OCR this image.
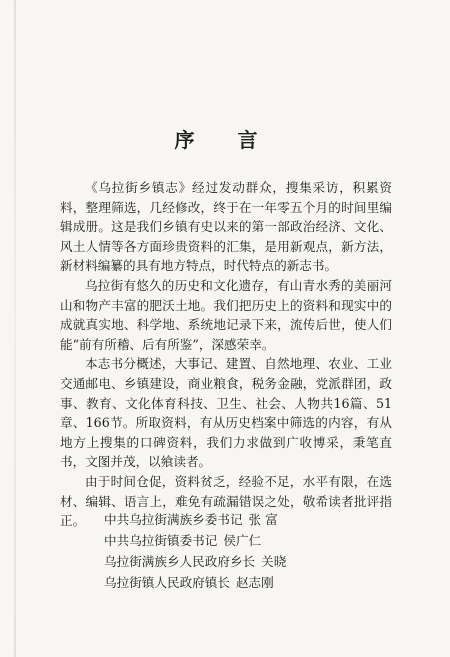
序 言

《乌拉街乡镇志》经过发动群众，搜集采访，积累资料，整理筛选，几经修改，终于在一年零五个月的时间里编辑成册。这是我们乡镇有史以来的第一部政治经济、文化、风土人情等各方面珍贵资料的汇集，是用新观点，新方法，新材料编纂的具有地方特点，时代特点的新志书。

乌拉街有悠久的历史和文化遗存，有山青水秀的美丽河山和物产丰富的肥沃土地。我们把历史上的资料和现实中的成就真实地、科学地、系统地记录下来，流传后世，使人们能“前有所稽、后有所鉴”，深感荣幸。

本志书分概述，大事记、建置、自然地理、农业、工业交通邮电、乡镇建设，商业粮食，税务金融，党派群团，政事、教育、文化体育科技、卫生、社会、人物共16篇、51章、166节。所取资料，有从历史档案中筛选的内容，有从地方上搜集的口碑资料，我们力求做到广收博采，秉笔直书，文图并茂，以飨读者。

由于时间仓促，资料贫乏，经验不足，水平有限，在选材、编辑、语言上，难免有疏漏错误之处，敬希读者批评指正。	中共乌拉街满族乡委书记 张 富
中共乌拉街镇委书记 侯广仁
乌拉街满族乡人民政府乡长 关晓
乌拉街镇人民政府镇长 赵志刚
